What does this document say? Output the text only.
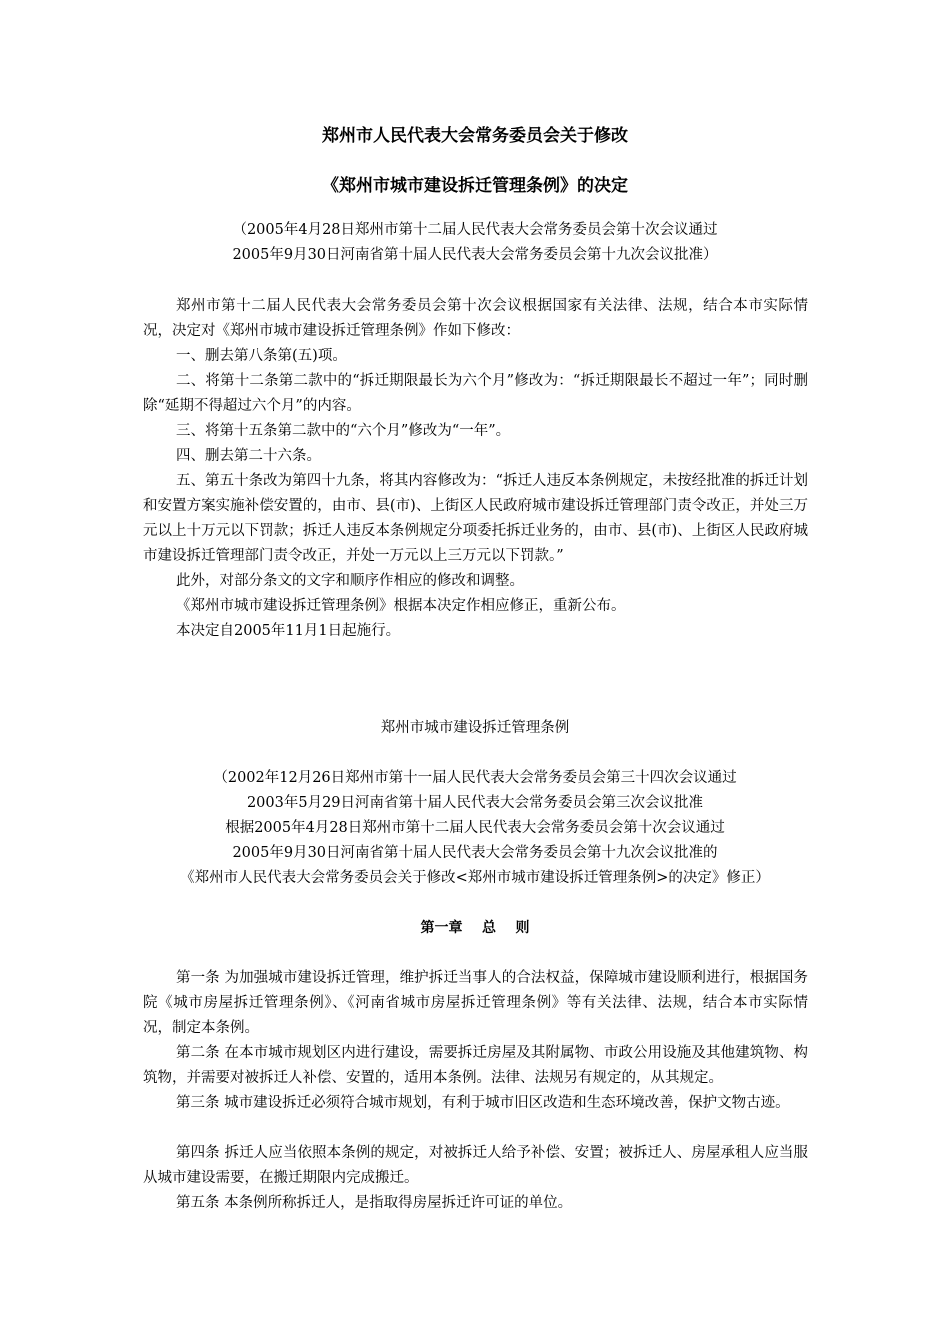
郑州市人民代表大会常务委员会关于修改
《郑州市城市建设拆迁管理条例》的决定
（2005年4月28日郑州市第十二届人民代表大会常务委员会第十次会议通过
2005年9月30日河南省第十届人民代表大会常务委员会第十九次会议批准）
郑州市第十二届人民代表大会常务委员会第十次会议根据国家有关法律、法规，结合本市实际情况，决定对《郑州市城市建设拆迁管理条例》作如下修改：
一、删去第八条第(五)项。
二、将第十二条第二款中的“拆迁期限最长为六个月”修改为：“拆迁期限最长不超过一年”；同时删除“延期不得超过六个月”的内容。
三、将第十五条第二款中的“六个月”修改为“一年”。
四、删去第二十六条。
五、第五十条改为第四十九条，将其内容修改为：“拆迁人违反本条例规定，未按经批准的拆迁计划和安置方案实施补偿安置的，由市、县(市)、上街区人民政府城市建设拆迁管理部门责令改正，并处三万元以上十万元以下罚款；拆迁人违反本条例规定分项委托拆迁业务的，由市、县(市)、上街区人民政府城市建设拆迁管理部门责令改正，并处一万元以上三万元以下罚款。”
此外，对部分条文的文字和顺序作相应的修改和调整。
《郑州市城市建设拆迁管理条例》根据本决定作相应修正，重新公布。
本决定自2005年11月1日起施行。
郑州市城市建设拆迁管理条例
（2002年12月26日郑州市第十一届人民代表大会常务委员会第三十四次会议通过
2003年5月29日河南省第十届人民代表大会常务委员会第三次会议批准
根据2005年4月28日郑州市第十二届人民代表大会常务委员会第十次会议通过
2005年9月30日河南省第十届人民代表大会常务委员会第十九次会议批准的
《郑州市人民代表大会常务委员会关于修改<郑州市城市建设拆迁管理条例>的决定》修正）
第一章    总    则
第一条 为加强城市建设拆迁管理，维护拆迁当事人的合法权益，保障城市建设顺利进行，根据国务院《城市房屋拆迁管理条例》、《河南省城市房屋拆迁管理条例》等有关法律、法规，结合本市实际情况，制定本条例。
第二条 在本市城市规划区内进行建设，需要拆迁房屋及其附属物、市政公用设施及其他建筑物、构筑物，并需要对被拆迁人补偿、安置的，适用本条例。法律、法规另有规定的，从其规定。
第三条 城市建设拆迁必须符合城市规划，有利于城市旧区改造和生态环境改善，保护文物古迹。
第四条 拆迁人应当依照本条例的规定，对被拆迁人给予补偿、安置；被拆迁人、房屋承租人应当服从城市建设需要，在搬迁期限内完成搬迁。
第五条 本条例所称拆迁人，是指取得房屋拆迁许可证的单位。
